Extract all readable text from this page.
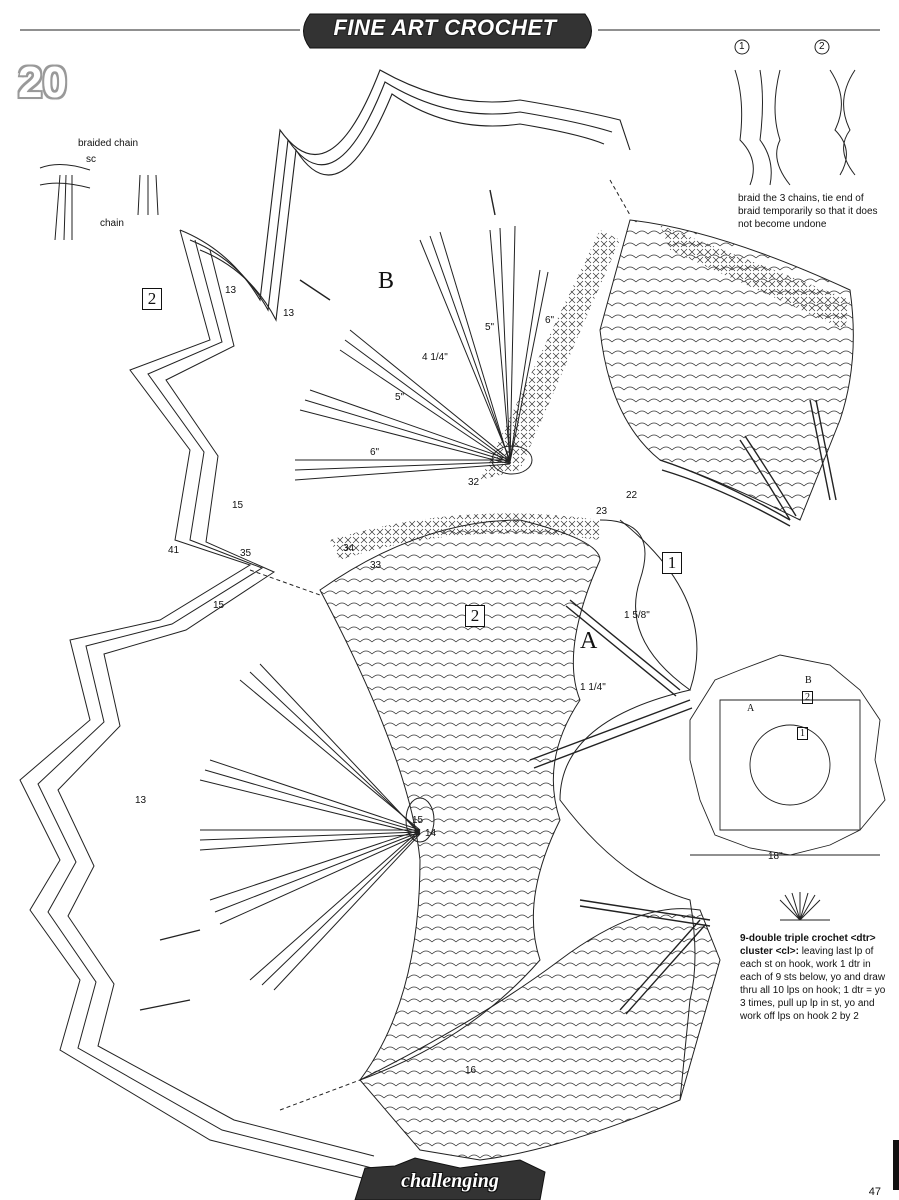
FINE ART CROCHET
20
braided chain
sc
chain
1	2
braid the 3 chains, tie end of braid temporarily so that it does not become undone
2
2
1
B
A
4 1/4"
5"
6"
5"
6"
1 5/8"
1 1/4"
18"
13
15
15
13
13
35	34
33
41
22
23
14
15
16
32
A
B
1
2
9-double triple crochet <dtr> cluster <cl>: leaving last lp of each st on hook, work 1 dtr in each of 9 sts below, yo and draw thru all 10 lps on hook; 1 dtr = yo 3 times, pull up lp in st, yo and work off lps on hook 2 by 2
challenging	47
